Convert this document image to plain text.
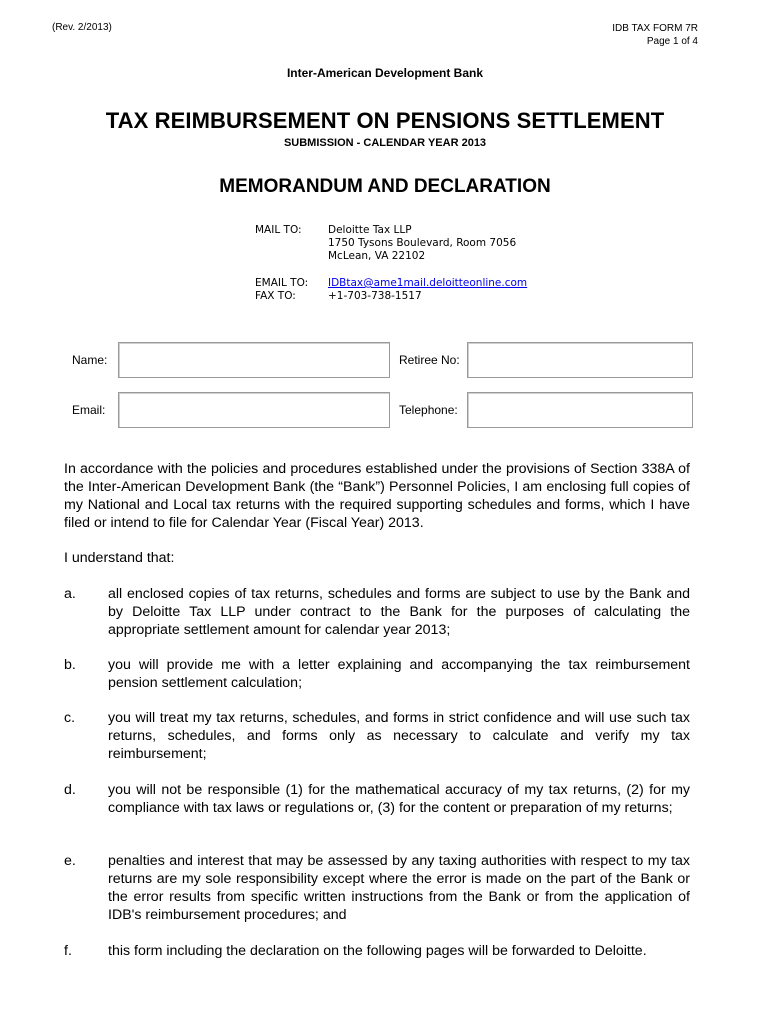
(Rev. 2/2013)	IDB TAX FORM 7R
Page 1 of 4
Inter-American Development Bank
TAX REIMBURSEMENT ON PENSIONS SETTLEMENT
SUBMISSION - CALENDAR YEAR 2013
MEMORANDUM AND DECLARATION
MAIL TO:	Deloitte Tax LLP
1750 Tysons Boulevard, Room 7056
McLean, VA 22102
EMAIL TO: IDBtax@ame1mail.deloitteonline.com
FAX TO:	+1-703-738-1517
Name:	Retiree No:
Email:	Telephone:
In accordance with the policies and procedures established under the provisions of Section 338A of the Inter-American Development Bank (the “Bank”) Personnel Policies, I am enclosing full copies of my National and Local tax returns with the required supporting schedules and forms, which I have filed or intend to file for Calendar Year (Fiscal Year) 2013.
I understand that:
a. all enclosed copies of tax returns, schedules and forms are subject to use by the Bank and by Deloitte Tax LLP under contract to the Bank for the purposes of calculating the appropriate settlement amount for calendar year 2013;
b. you will provide me with a letter explaining and accompanying the tax reimbursement pension settlement calculation;
c. you will treat my tax returns, schedules, and forms in strict confidence and will use such tax returns, schedules, and forms only as necessary to calculate and verify my tax reimbursement;
d. you will not be responsible (1) for the mathematical accuracy of my tax returns, (2) for my compliance with tax laws or regulations or, (3) for the content or preparation of my returns;
e. penalties and interest that may be assessed by any taxing authorities with respect to my tax returns are my sole responsibility except where the error is made on the part of the Bank or the error results from specific written instructions from the Bank or from the application of IDB's reimbursement procedures; and
f.	this form including the declaration on the following pages will be forwarded to Deloitte.
